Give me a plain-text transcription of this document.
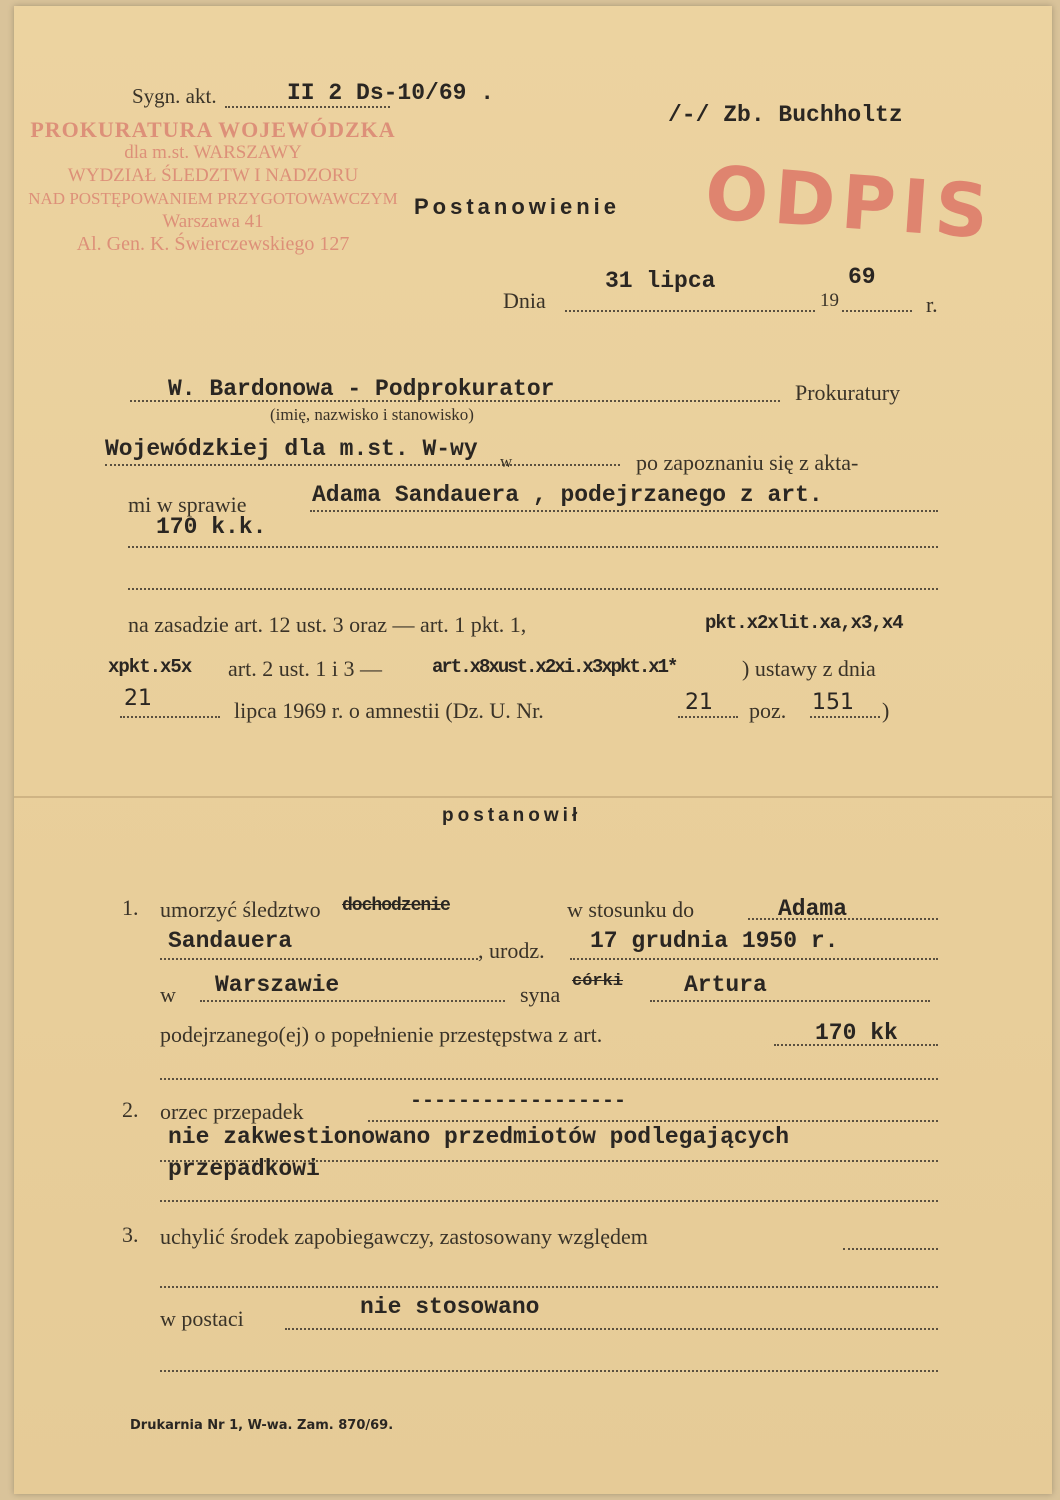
PROKURATURA WOJEWÓDZKA
dla m.st. WARSZAWY
WYDZIAŁ ŚLEDZTW I NADZORU
NAD POSTĘPOWANIEM PRZYGOTOWAWCZYM
Warszawa 41
Al. Gen. K. Świerczewskiego 127	ODPIS
Sygn. akt.	II 2 Ds-10/69 .
/-/ Zb. Buchholtz
Postanowienie
Dnia
31 lipca
19
69
r.
W. Bardonowa - Podprokurator	Prokuratury
(imię, nazwisko i stanowisko)
Wojewódzkiej dla m.st. W-wy w	po zapoznaniu się z akta-
mi w sprawie	Adama Sandauera , podejrzanego z art.
170 k.k.
na zasadzie art. 12 ust. 3 oraz — art. 1 pkt. 1,	pkt.x2xlit.xa,x3,x4
xpkt.x5x art. 2 ust. 1 i 3 —	art.x8xust.x2xi.x3xpkt.x1*	) ustawy z dnia
21	lipca 1969 r. o amnestii (Dz. U. Nr.	21 poz. 151 )
postanowił
1. umorzyć śledztwo dochodzenie	w stosunku do	Adama
Sandauera	, urodz. 17 grudnia 1950 r.
w Warszawie	syna
córki	Artura
podejrzanego(ej) o popełnienie przestępstwa z art.	170 kk
2. orzec przepadek	------------------
nie zakwestionowano przedmiotów podlegających
przepadkowi
3. uchylić środek zapobiegawczy, zastosowany względem
w postaci	nie stosowano
Drukarnia Nr 1, W-wa. Zam. 870/69.
